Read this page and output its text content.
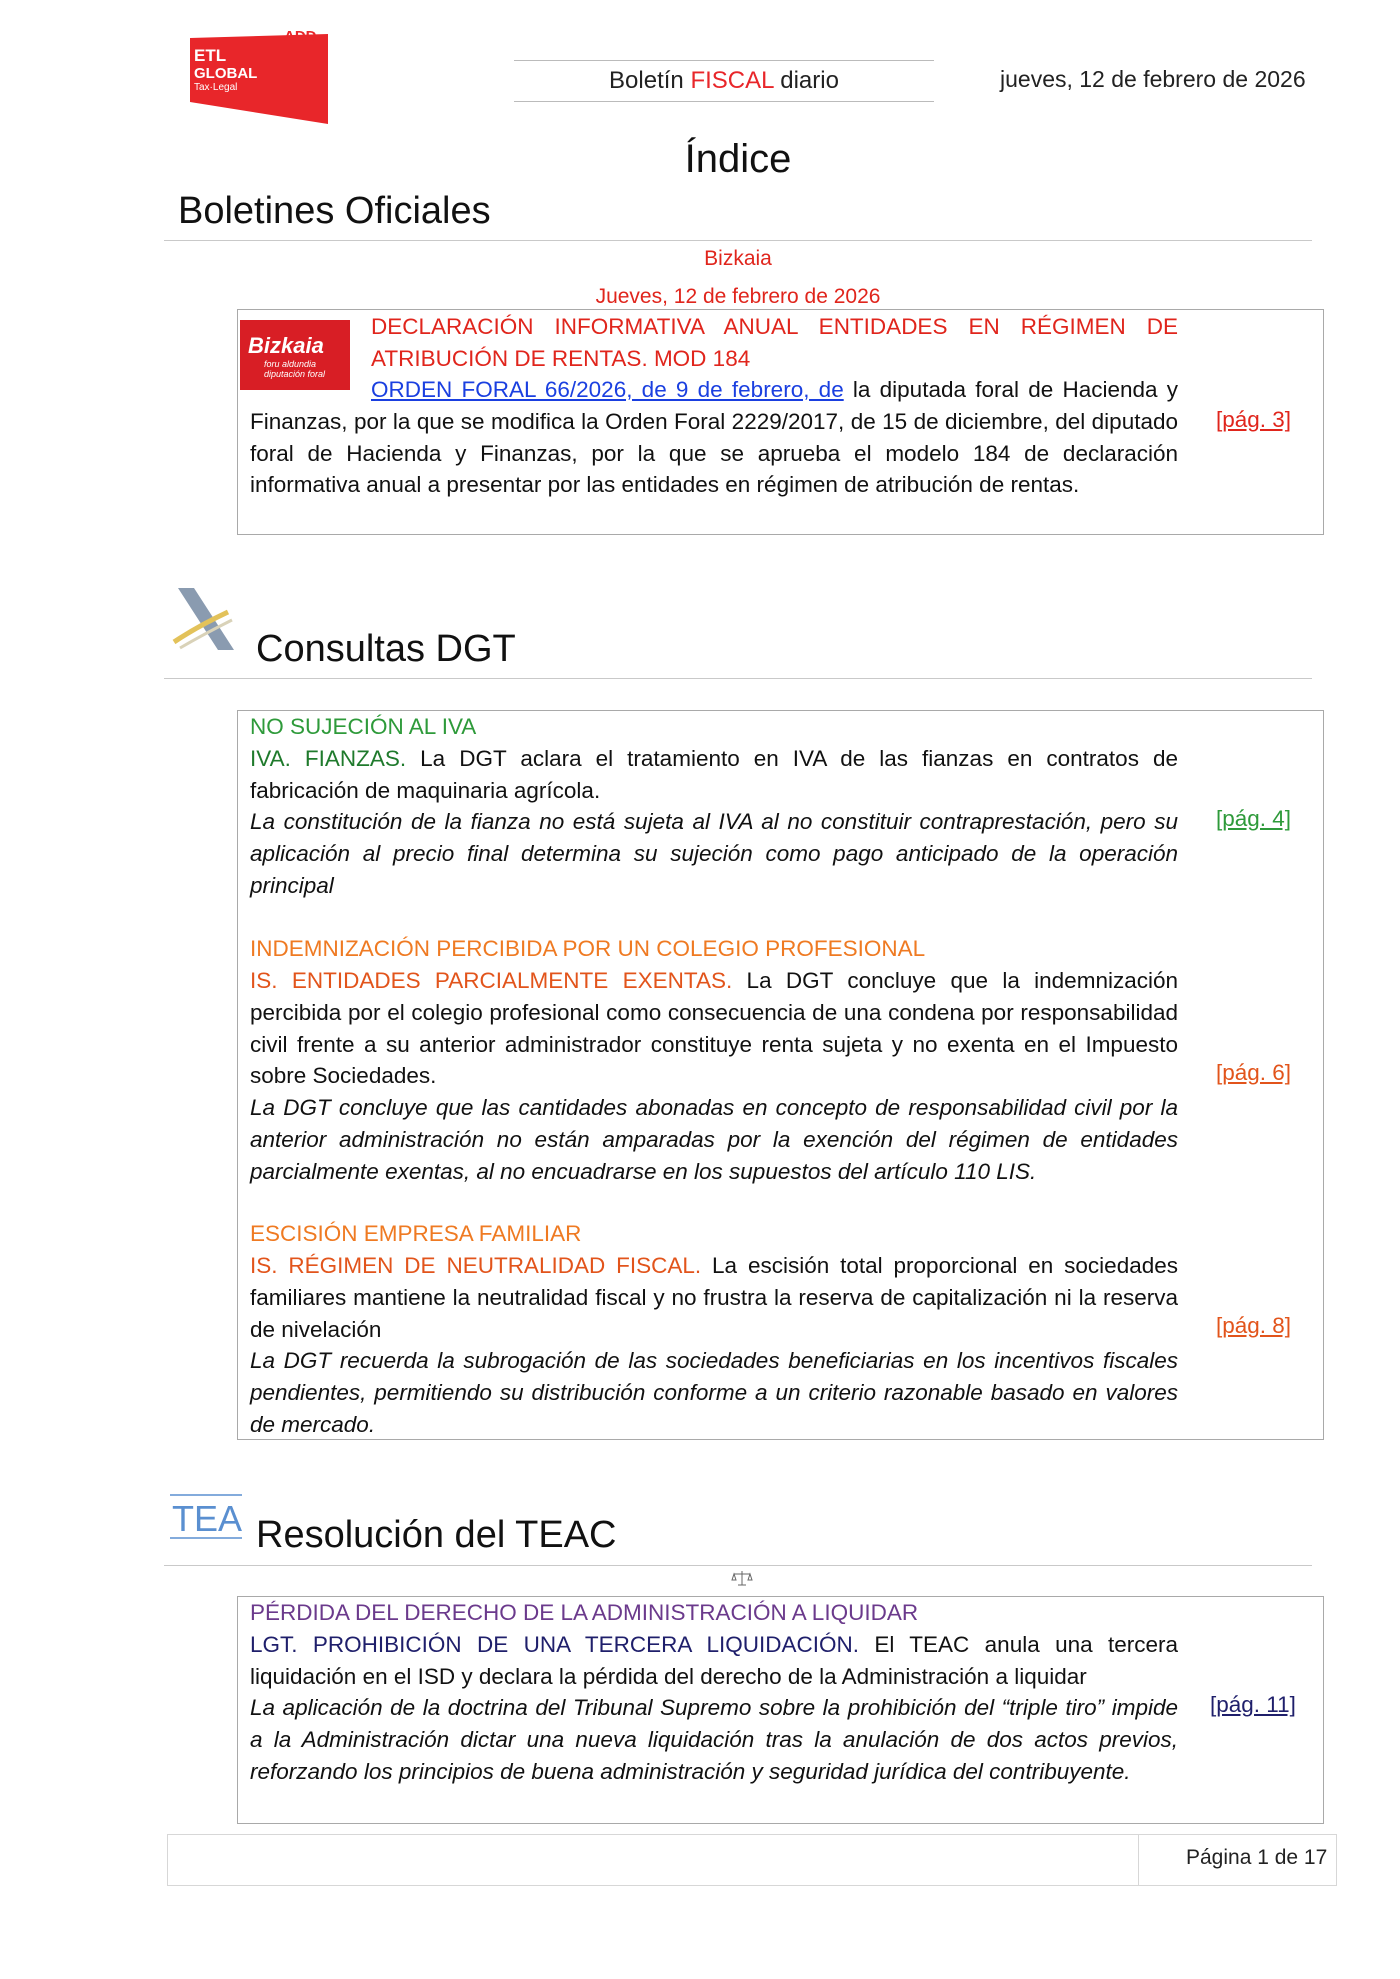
ADD
ETL
GLOBAL
Tax·Legal	Boletín FISCAL diario	jueves, 12 de febrero de 2026
Índice
Boletines Oficiales
Bizkaia
Jueves, 12 de febrero de 2026
Bizkaia
foru aldundia
diputación foral
DECLARACIÓN INFORMATIVA ANUAL ENTIDADES EN RÉGIMEN DE ATRIBUCIÓN DE RENTAS. MOD 184
ORDEN FORAL 66/2026, de 9 de febrero, de la diputada foral de Hacienda y Finanzas, por la que se modifica la Orden Foral 2229/2017, de 15 de diciembre, del diputado foral de Hacienda y Finanzas, por la que se aprueba el modelo 184 de declaración informativa anual a presentar por las entidades en régimen de atribución de rentas.
[pág. 3]
Consultas DGT
NO SUJECIÓN AL IVA
IVA. FIANZAS. La DGT aclara el tratamiento en IVA de las fianzas en contratos de fabricación de maquinaria agrícola.
La constitución de la fianza no está sujeta al IVA al no constituir contraprestación, pero su aplicación al precio final determina su sujeción como pago anticipado de la operación principal
[pág. 4]
INDEMNIZACIÓN PERCIBIDA POR UN COLEGIO PROFESIONAL
IS. ENTIDADES PARCIALMENTE EXENTAS. La DGT concluye que la indemnización percibida por el colegio profesional como consecuencia de una condena por responsabilidad civil frente a su anterior administrador constituye renta sujeta y no exenta en el Impuesto sobre Sociedades.
La DGT concluye que las cantidades abonadas en concepto de responsabilidad civil por la anterior administración no están amparadas por la exención del régimen de entidades parcialmente exentas, al no encuadrarse en los supuestos del artículo 110 LIS.
[pág. 6]
ESCISIÓN EMPRESA FAMILIAR
IS. RÉGIMEN DE NEUTRALIDAD FISCAL. La escisión total proporcional en sociedades familiares mantiene la neutralidad fiscal y no frustra la reserva de capitalización ni la reserva de nivelación
La DGT recuerda la subrogación de las sociedades beneficiarias en los incentivos fiscales pendientes, permitiendo su distribución conforme a un criterio razonable basado en valores de mercado.
[pág. 8]
TEA Resolución del TEAC
PÉRDIDA DEL DERECHO DE LA ADMINISTRACIÓN A LIQUIDAR
LGT. PROHIBICIÓN DE UNA TERCERA LIQUIDACIÓN. El TEAC anula una tercera liquidación en el ISD y declara la pérdida del derecho de la Administración a liquidar
La aplicación de la doctrina del Tribunal Supremo sobre la prohibición del “triple tiro” impide a la Administración dictar una nueva liquidación tras la anulación de dos actos previos, reforzando los principios de buena administración y seguridad jurídica del contribuyente.
[pág. 11]
Página 1 de 17
